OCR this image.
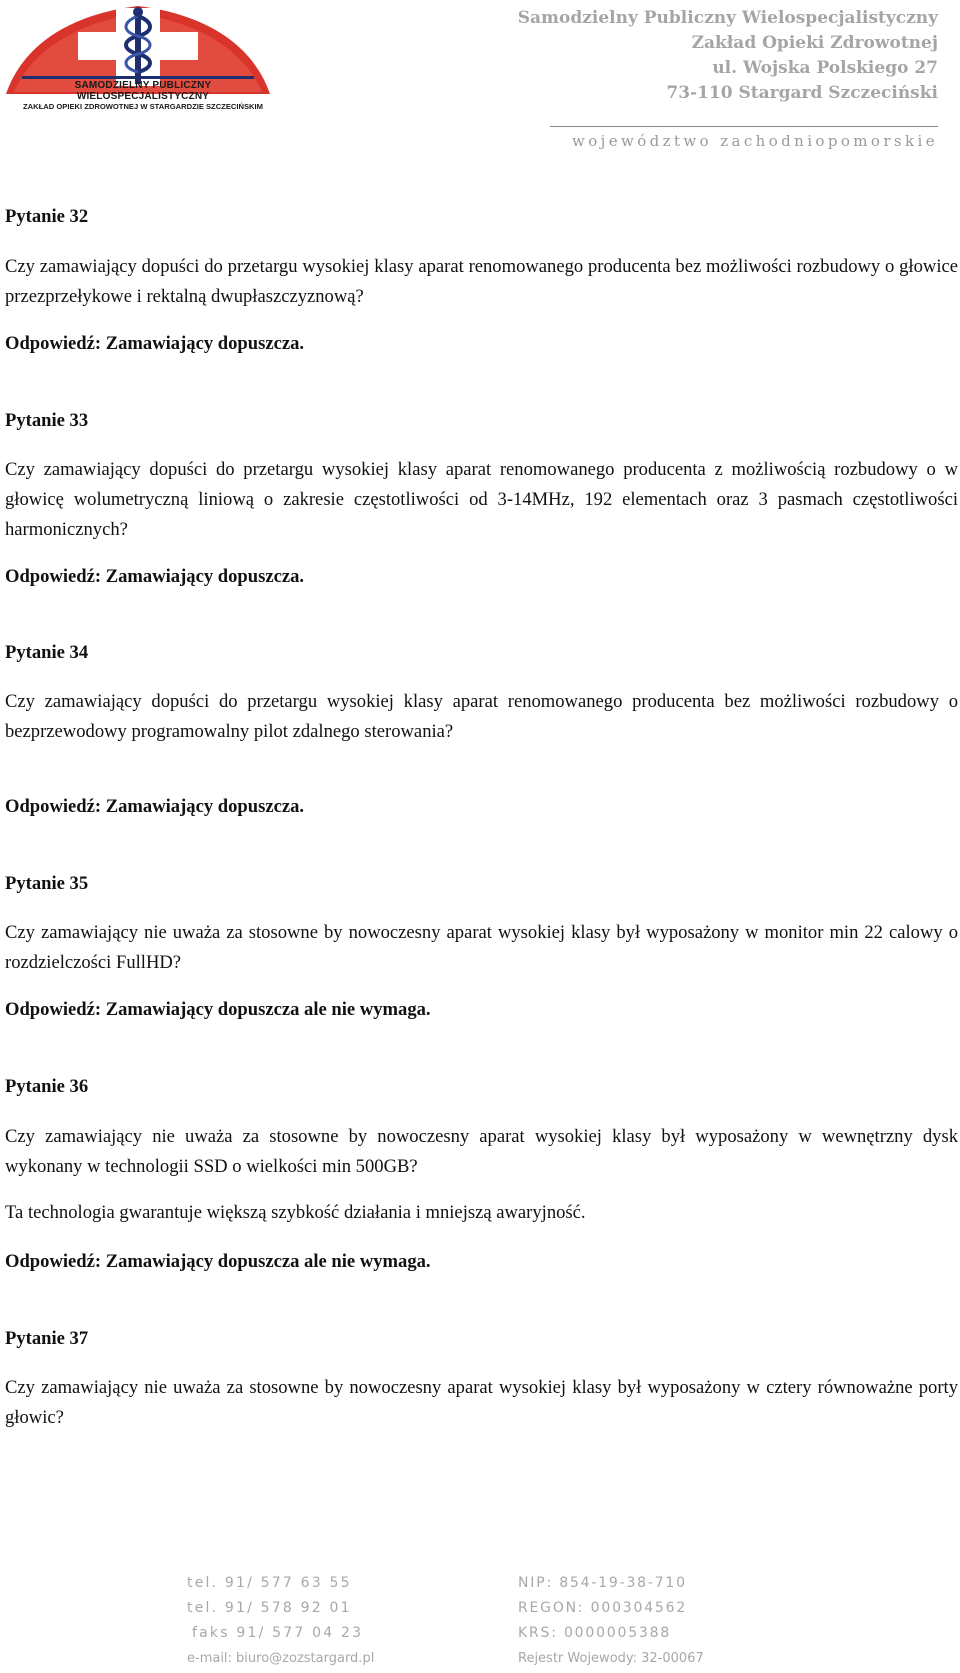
SAMODZIELNY PUBLICZNY
WIELOSPECJALISTYCZNY
ZAKŁAD OPIEKI ZDROWOTNEJ W STARGARDZIE SZCZECIŃSKIM
Samodzielny Publiczny Wielospecjalistyczny
Zakład Opieki Zdrowotnej
ul. Wojska Polskiego 27
73-110 Stargard Szczeciński
województwo zachodniopomorskie

Pytanie 32

Czy zamawiający dopuści do przetargu wysokiej klasy aparat renomowanego producenta bez możliwości rozbudowy o głowice przezprzełykowe i rektalną dwupłaszczyznową?

Odpowiedź: Zamawiający dopuszcza.

Pytanie 33

Czy zamawiający dopuści do przetargu wysokiej klasy aparat renomowanego producenta z możliwością rozbudowy o w głowicę wolumetryczną liniową o zakresie częstotliwości od 3-14MHz, 192 elementach oraz 3 pasmach częstotliwości harmonicznych?

Odpowiedź: Zamawiający dopuszcza.

Pytanie 34

Czy zamawiający dopuści do przetargu wysokiej klasy aparat renomowanego producenta bez możliwości rozbudowy o bezprzewodowy programowalny pilot zdalnego sterowania?

Odpowiedź: Zamawiający dopuszcza.

Pytanie 35

Czy zamawiający nie uważa za stosowne by nowoczesny aparat wysokiej klasy był wyposażony w monitor min 22 calowy o rozdzielczości FullHD?

Odpowiedź: Zamawiający dopuszcza ale nie wymaga.

Pytanie 36

Czy zamawiający nie uważa za stosowne by nowoczesny aparat wysokiej klasy był wyposażony w wewnętrzny dysk wykonany w technologii SSD o wielkości min 500GB?

Ta technologia gwarantuje większą szybkość działania i mniejszą awaryjność.

Odpowiedź: Zamawiający dopuszcza ale nie wymaga.

Pytanie 37

Czy zamawiający nie uważa za stosowne by nowoczesny aparat wysokiej klasy był wyposażony w cztery równoważne porty głowic?

tel. 91/ 577 63 55
tel. 91/ 578 92 01
faks 91/ 577 04 23
e-mail: biuro@zozstargard.pl
NIP: 854-19-38-710
REGON: 000304562
KRS: 0000005388
Rejestr Wojewody: 32-00067
